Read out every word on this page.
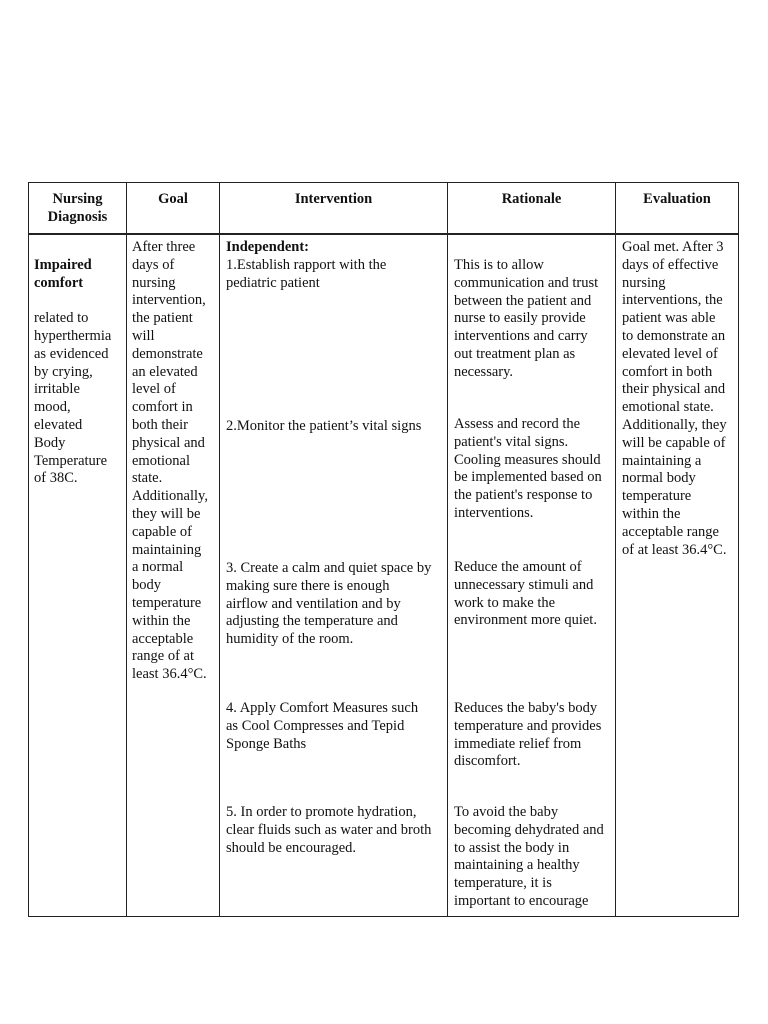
Nursing
Diagnosis

Impaired
comfort

related to
hyperthermia
as evidenced
by crying,
irritable
mood,
elevated
Body
Temperature
of 38C.

Goal
After three
days of
nursing
intervention,
the patient
will
demonstrate
an elevated
level of
comfort in
both their
physical and
emotional
state.
Additionally,
they will be
capable of
maintaining
a normal
body
temperature
within the
acceptable
range of at
least 36.4°C.
Intervention
Independent:
1.Establish rapport with the
pediatric patient
2.Monitor the patient’s vital signs
3. Create a calm and quiet space by
making sure there is enough
airflow and ventilation and by
adjusting the temperature and
humidity of the room.
4. Apply Comfort Measures such
as Cool Compresses and Tepid
Sponge Baths
5. In order to promote hydration,
clear fluids such as water and broth
should be encouraged.
Rationale
This is to allow
communication and trust
between the patient and
nurse to easily provide
interventions and carry
out treatment plan as
necessary.
Assess and record the
patient's vital signs.
Cooling measures should
be implemented based on
the patient's response to
interventions.
Reduce the amount of
unnecessary stimuli and
work to make the
environment more quiet.
Reduces the baby's body
temperature and provides
immediate relief from
discomfort.
To avoid the baby
becoming dehydrated and
to assist the body in
maintaining a healthy
temperature, it is
important to encourage
Evaluation
Goal met. After 3
days of effective
nursing
interventions, the
patient was able
to demonstrate an
elevated level of
comfort in both
their physical and
emotional state.
Additionally, they
will be capable of
maintaining a
normal body
temperature
within the
acceptable range
of at least 36.4°C.
